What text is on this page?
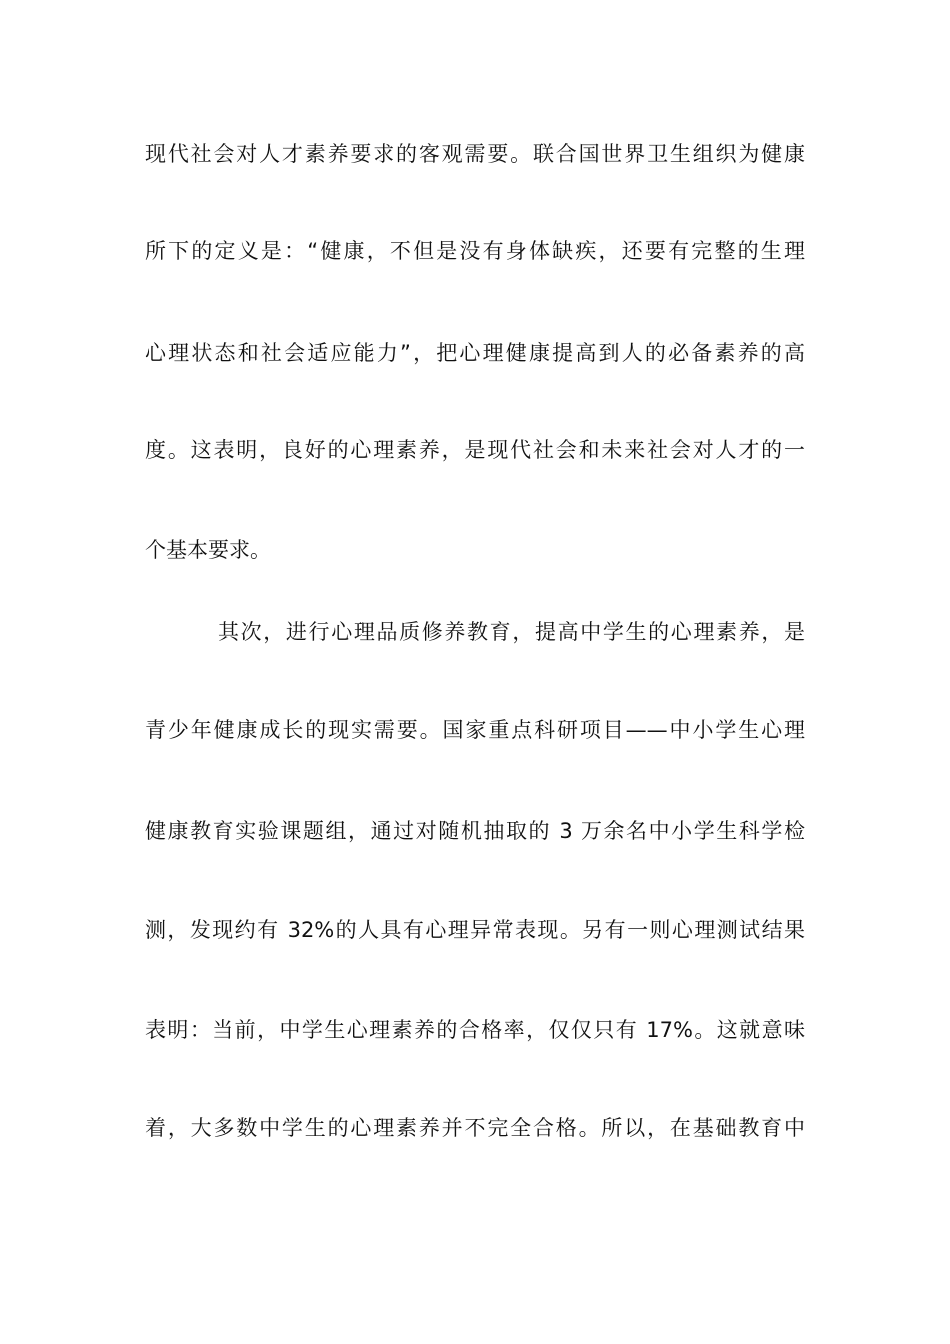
现代社会对人才素养要求的客观需要。联合国世界卫生组织为健康
所下的定义是：“健康，不但是没有身体缺疾，还要有完整的生理
心理状态和社会适应能力”，把心理健康提高到人的必备素养的高
度。这表明，良好的心理素养，是现代社会和未来社会对人才的一
个基本要求。
其次，进行心理品质修养教育，提高中学生的心理素养，是
青少年健康成长的现实需要。国家重点科研项目——中小学生心理
健康教育实验课题组，通过对随机抽取的 3 万余名中小学生科学检
测，发现约有 32%的人具有心理异常表现。另有一则心理测试结果
表明：当前，中学生心理素养的合格率，仅仅只有 17%。这就意味
着，大多数中学生的心理素养并不完全合格。所以，在基础教育中
